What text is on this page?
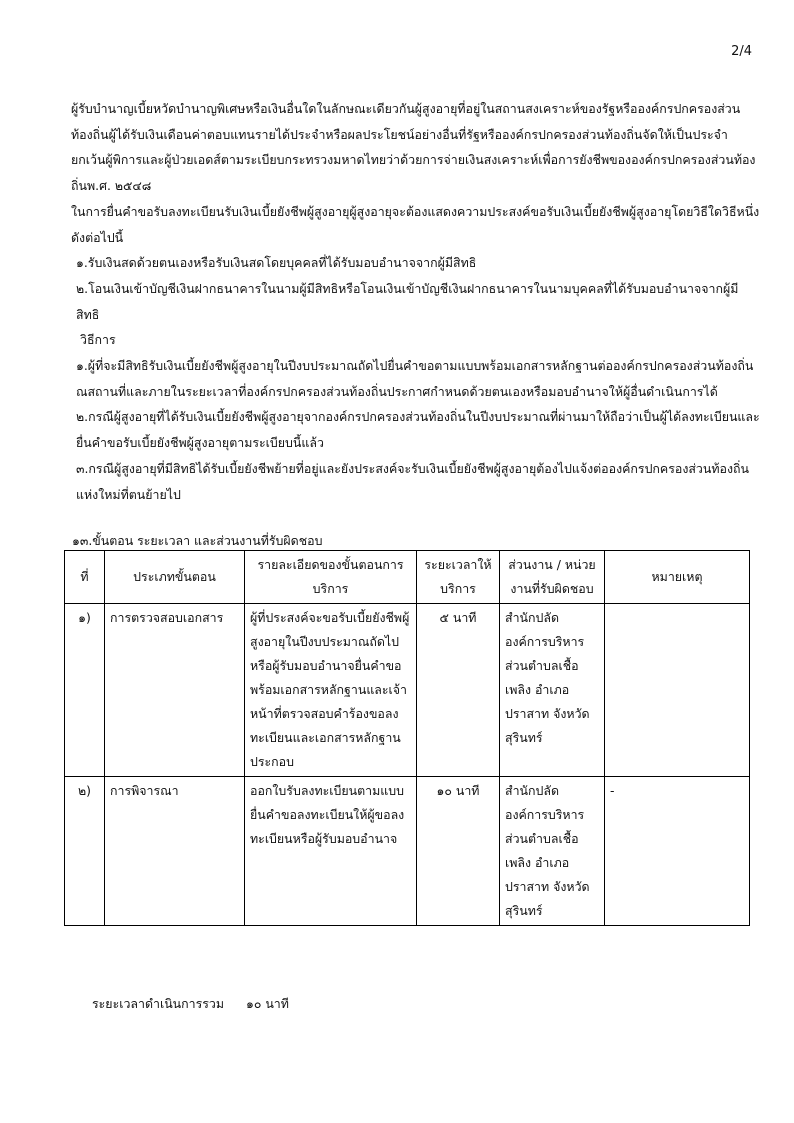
2/4

ผู้รับบำนาญเบี้ยหวัดบำนาญพิเศษหรือเงินอื่นใดในลักษณะเดียวกันผู้สูงอายุที่อยู่ในสถานสงเคราะห์ของรัฐหรือองค์กรปกครองส่วนท้องถิ่นผู้ได้รับเงินเดือนค่าตอบแทนรายได้ประจำหรือผลประโยชน์อย่างอื่นที่รัฐหรือองค์กรปกครองส่วนท้องถิ่นจัดให้เป็นประจำยกเว้นผู้พิการและผู้ป่วยเอดส์ตามระเบียบกระทรวงมหาดไทยว่าด้วยการจ่ายเงินสงเคราะห์เพื่อการยังชีพขององค์กรปกครองส่วนท้องถิ่นพ.ศ. ๒๕๔๘

ในการยื่นคำขอรับลงทะเบียนรับเงินเบี้ยยังชีพผู้สูงอายุผู้สูงอายุจะต้องแสดงความประสงค์ขอรับเงินเบี้ยยังชีพผู้สูงอายุโดยวิธีใดวิธีหนึ่งดังต่อไปนี้

๑.รับเงินสดด้วยตนเองหรือรับเงินสดโดยบุคคลที่ได้รับมอบอำนาจจากผู้มีสิทธิ

๒.โอนเงินเข้าบัญชีเงินฝากธนาคารในนามผู้มีสิทธิหรือโอนเงินเข้าบัญชีเงินฝากธนาคารในนามบุคคลที่ได้รับมอบอำนาจจากผู้มีสิทธิ

วิธีการ

๑.ผู้ที่จะมีสิทธิรับเงินเบี้ยยังชีพผู้สูงอายุในปีงบประมาณถัดไปยื่นคำขอตามแบบพร้อมเอกสารหลักฐานต่อองค์กรปกครองส่วนท้องถิ่นณสถานที่และภายในระยะเวลาที่องค์กรปกครองส่วนท้องถิ่นประกาศกำหนดด้วยตนเองหรือมอบอำนาจให้ผู้อื่นดำเนินการได้

๒.กรณีผู้สูงอายุที่ได้รับเงินเบี้ยยังชีพผู้สูงอายุจากองค์กรปกครองส่วนท้องถิ่นในปีงบประมาณที่ผ่านมาให้ถือว่าเป็นผู้ได้ลงทะเบียนและยื่นคำขอรับเบี้ยยังชีพผู้สูงอายุตามระเบียบนี้แล้ว

๓.กรณีผู้สูงอายุที่มีสิทธิได้รับเบี้ยยังชีพย้ายที่อยู่และยังประสงค์จะรับเงินเบี้ยยังชีพผู้สูงอายุต้องไปแจ้งต่อองค์กรปกครองส่วนท้องถิ่นแห่งใหม่ที่ตนย้ายไป

๑๓.ขั้นตอน ระยะเวลา และส่วนงานที่รับผิดชอบ
ที่	ประเภทขั้นตอน	รายละเอียดของขั้นตอนการบริการ	ระยะเวลาให้บริการ	ส่วนงาน / หน่วยงานที่รับผิดชอบ	หมายเหตุ
๑)	การตรวจสอบเอกสาร	ผู้ที่ประสงค์จะขอรับเบี้ยยังชีพผู้สูงอายุในปีงบประมาณถัดไปหรือผู้รับมอบอำนาจยื่นคำขอพร้อมเอกสารหลักฐานและเจ้าหน้าที่ตรวจสอบคำร้องขอลงทะเบียนและเอกสารหลักฐานประกอบ	๕ นาที	สำนักปลัดองค์การบริหารส่วนตำบลเชื้อเพลิง อำเภอปราสาท จังหวัดสุรินทร์	
๒)	การพิจารณา	ออกใบรับลงทะเบียนตามแบบยื่นคำขอลงทะเบียนให้ผู้ขอลงทะเบียนหรือผู้รับมอบอำนาจ	๑๐ นาที	สำนักปลัดองค์การบริหารส่วนตำบลเชื้อเพลิง อำเภอปราสาท จังหวัดสุรินทร์	-
ระยะเวลาดำเนินการรวม ๑๐ นาที
